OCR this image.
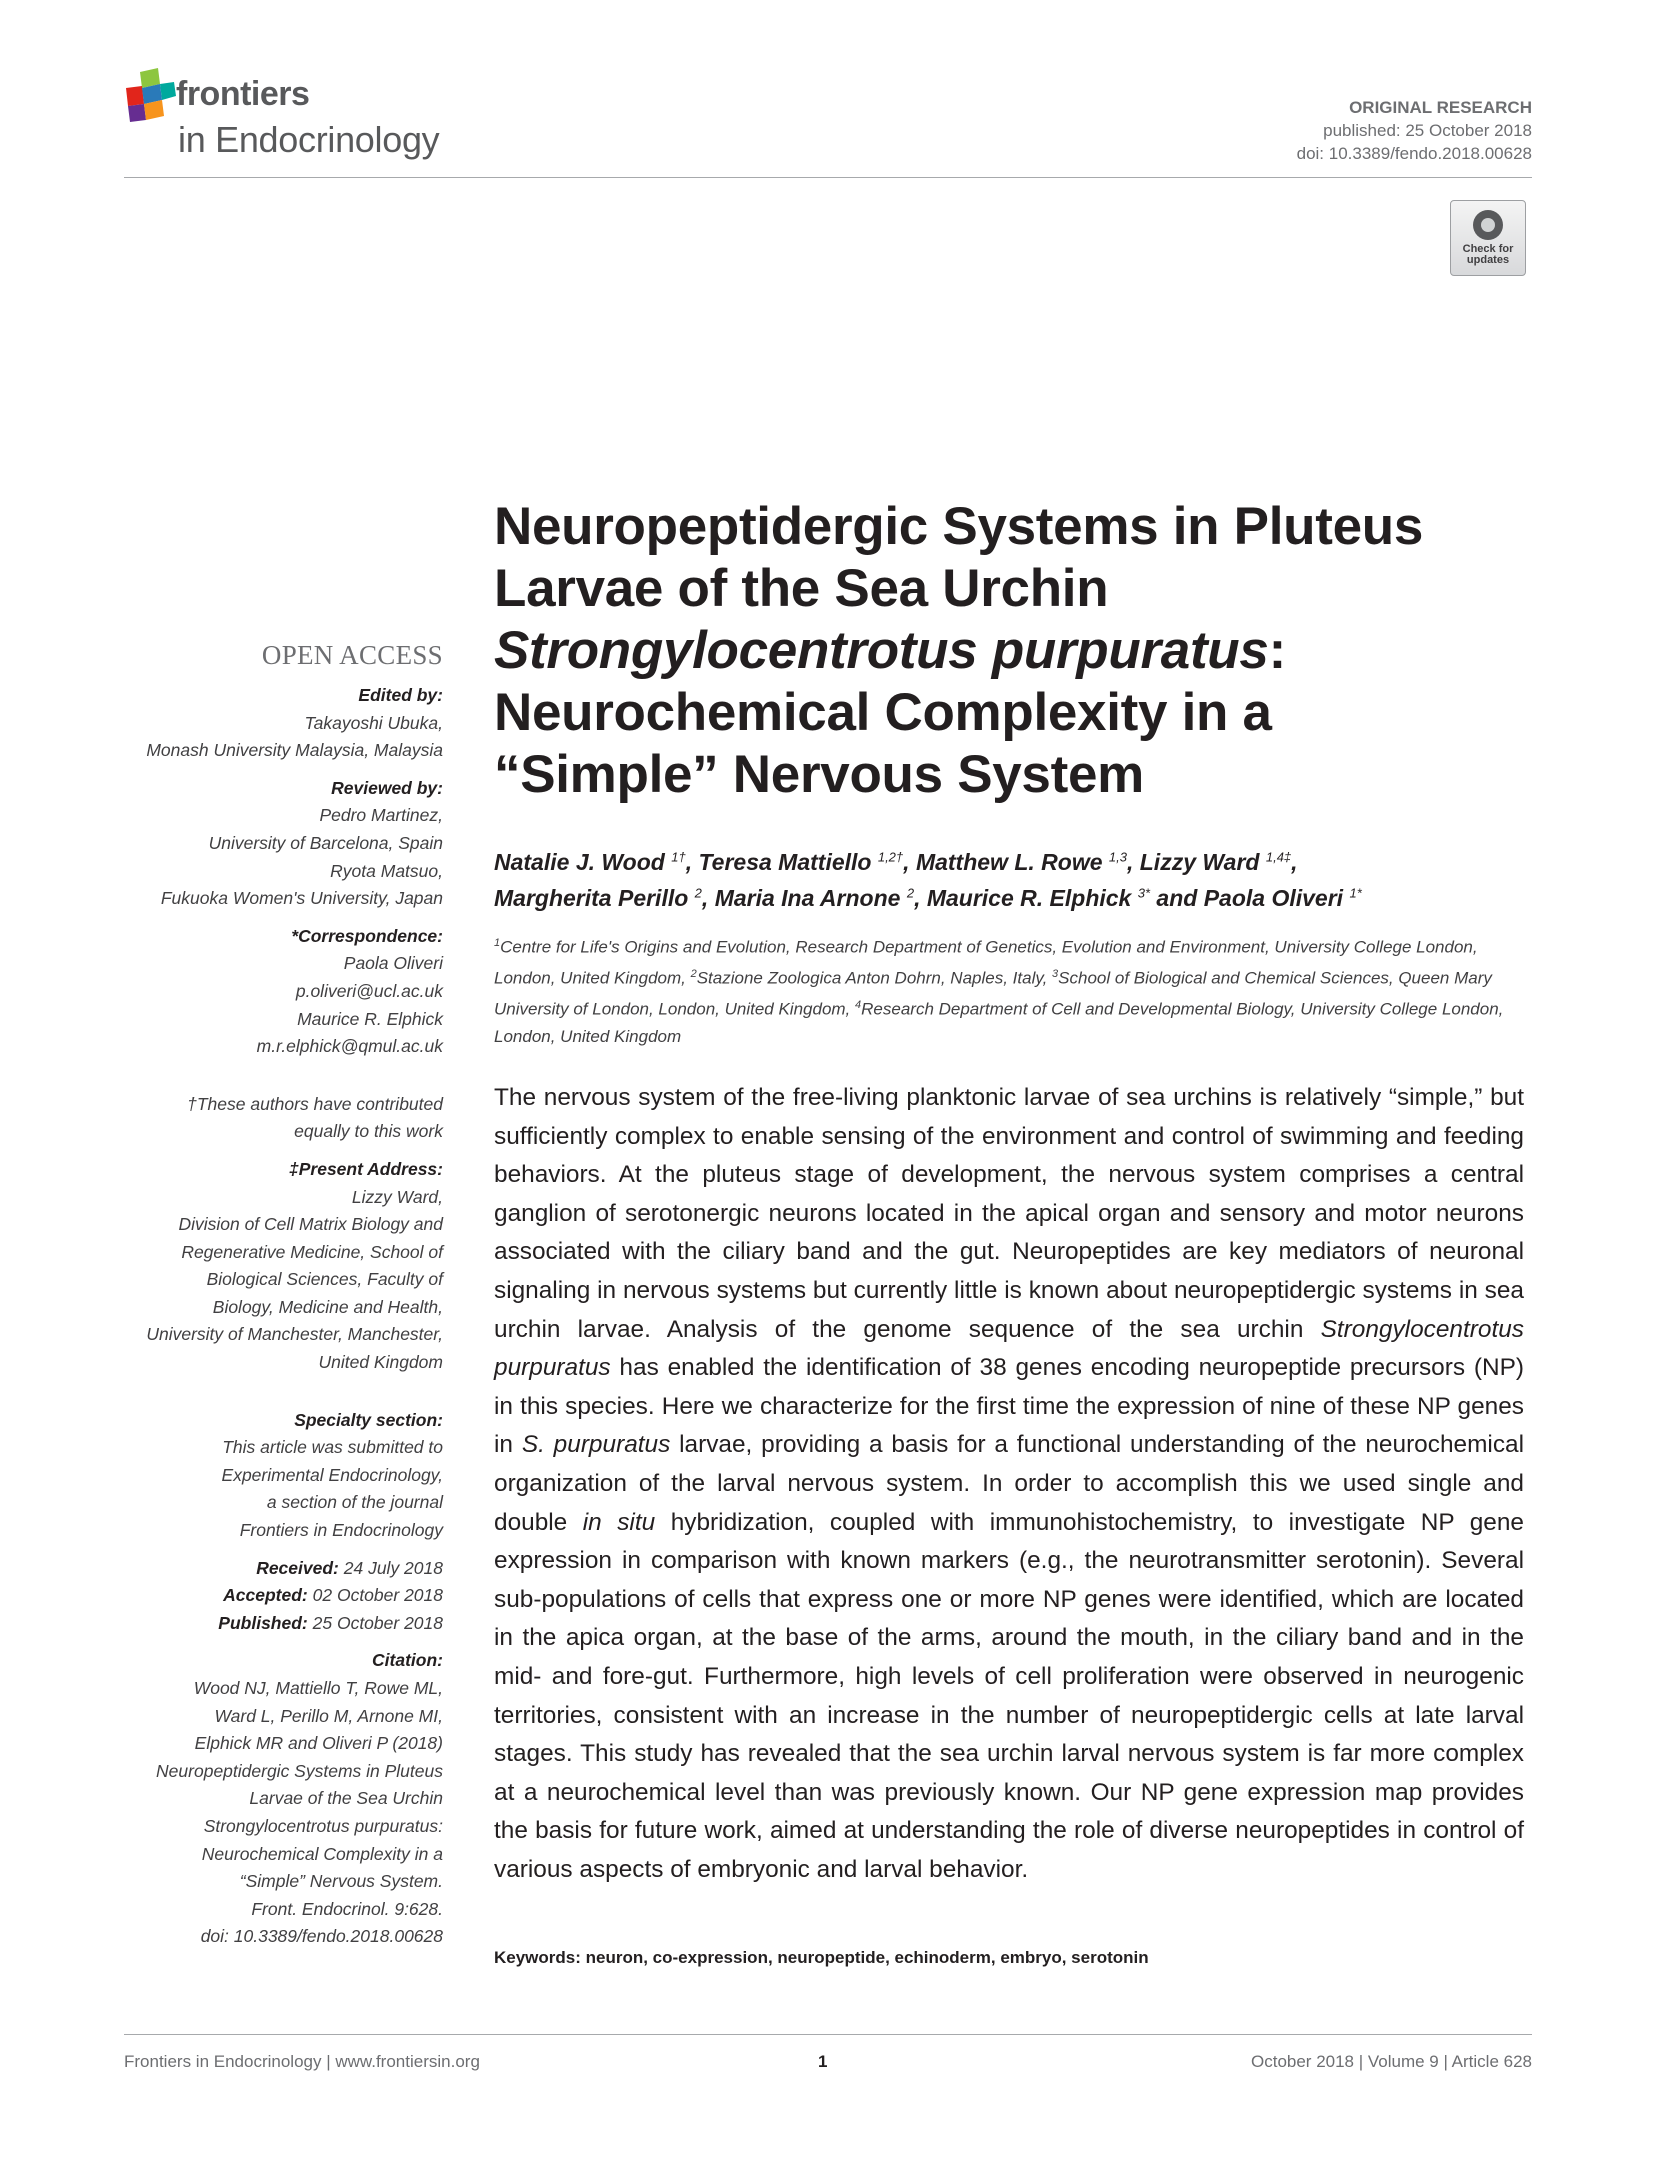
frontiers
in Endocrinology
ORIGINAL RESEARCH
published: 25 October 2018
doi: 10.3389/fendo.2018.00628
Check for
updates
Neuropeptidergic Systems in Pluteus
Larvae of the Sea Urchin
Strongylocentrotus purpuratus:
Neurochemical Complexity in a
“Simple” Nervous System
Natalie J. Wood $^{1\dagger}$, Teresa Mattiello $^{1,2\dagger}$, Matthew L. Rowe $^{1,3}$, Lizzy Ward $^{1,4\ddagger}$,
Margherita Perillo $^2$, Maria Ina Arnone $^2$, Maurice R. Elphick $^{3*}$ and Paola Oliveri $^{1*}$
$^1$Centre for Life's Origins and Evolution, Research Department of Genetics, Evolution and Environment, University College London, London, United Kingdom, $^2$Stazione Zoologica Anton Dohrn, Naples, Italy, $^3$School of Biological and Chemical Sciences, Queen Mary University of London, London, United Kingdom, $^4$Research Department of Cell and Developmental Biology, University College London, London, United Kingdom
The nervous system of the free-living planktonic larvae of sea urchins is relatively “simple,” but sufficiently complex to enable sensing of the environment and control of swimming and feeding behaviors. At the pluteus stage of development, the nervous system comprises a central ganglion of serotonergic neurons located in the apical organ and sensory and motor neurons associated with the ciliary band and the gut. Neuropeptides are key mediators of neuronal signaling in nervous systems but currently little is known about neuropeptidergic systems in sea urchin larvae. Analysis of the genome sequence of the sea urchin Strongylocentrotus purpuratus has enabled the identification of 38 genes encoding neuropeptide precursors (NP) in this species. Here we characterize for the first time the expression of nine of these NP genes in S. purpuratus larvae, providing a basis for a functional understanding of the neurochemical organization of the larval nervous system. In order to accomplish this we used single and double in situ hybridization, coupled with immunohistochemistry, to investigate NP gene expression in comparison with known markers (e.g., the neurotransmitter serotonin). Several sub-populations of cells that express one or more NP genes were identified, which are located in the apica organ, at the base of the arms, around the mouth, in the ciliary band and in the mid- and fore-gut. Furthermore, high levels of cell proliferation were observed in neurogenic territories, consistent with an increase in the number of neuropeptidergic cells at late larval stages. This study has revealed that the sea urchin larval nervous system is far more complex at a neurochemical level than was previously known. Our NP gene expression map provides the basis for future work, aimed at understanding the role of diverse neuropeptides in control of various aspects of embryonic and larval behavior.
Keywords: neuron, co-expression, neuropeptide, echinoderm, embryo, serotonin
OPEN ACCESS
Edited by:
Takayoshi Ubuka,
Monash University Malaysia, Malaysia
Reviewed by:
Pedro Martinez,
University of Barcelona, Spain
Ryota Matsuo,
Fukuoka Women's University, Japan
*Correspondence:
Paola Oliveri
p.oliveri@ucl.ac.uk
Maurice R. Elphick
m.r.elphick@qmul.ac.uk
†These authors have contributed
equally to this work
‡Present Address:
Lizzy Ward,
Division of Cell Matrix Biology and
Regenerative Medicine, School of
Biological Sciences, Faculty of
Biology, Medicine and Health,
University of Manchester, Manchester,
United Kingdom
Specialty section:
This article was submitted to
Experimental Endocrinology,
a section of the journal
Frontiers in Endocrinology
Received: 24 July 2018
Accepted: 02 October 2018
Published: 25 October 2018
Citation:
Wood NJ, Mattiello T, Rowe ML,
Ward L, Perillo M, Arnone MI,
Elphick MR and Oliveri P (2018)
Neuropeptidergic Systems in Pluteus
Larvae of the Sea Urchin
Strongylocentrotus purpuratus:
Neurochemical Complexity in a
“Simple” Nervous System.
Front. Endocrinol. 9:628.
doi: 10.3389/fendo.2018.00628
Frontiers in Endocrinology | www.frontiersin.org	1	October 2018 | Volume 9 | Article 628
